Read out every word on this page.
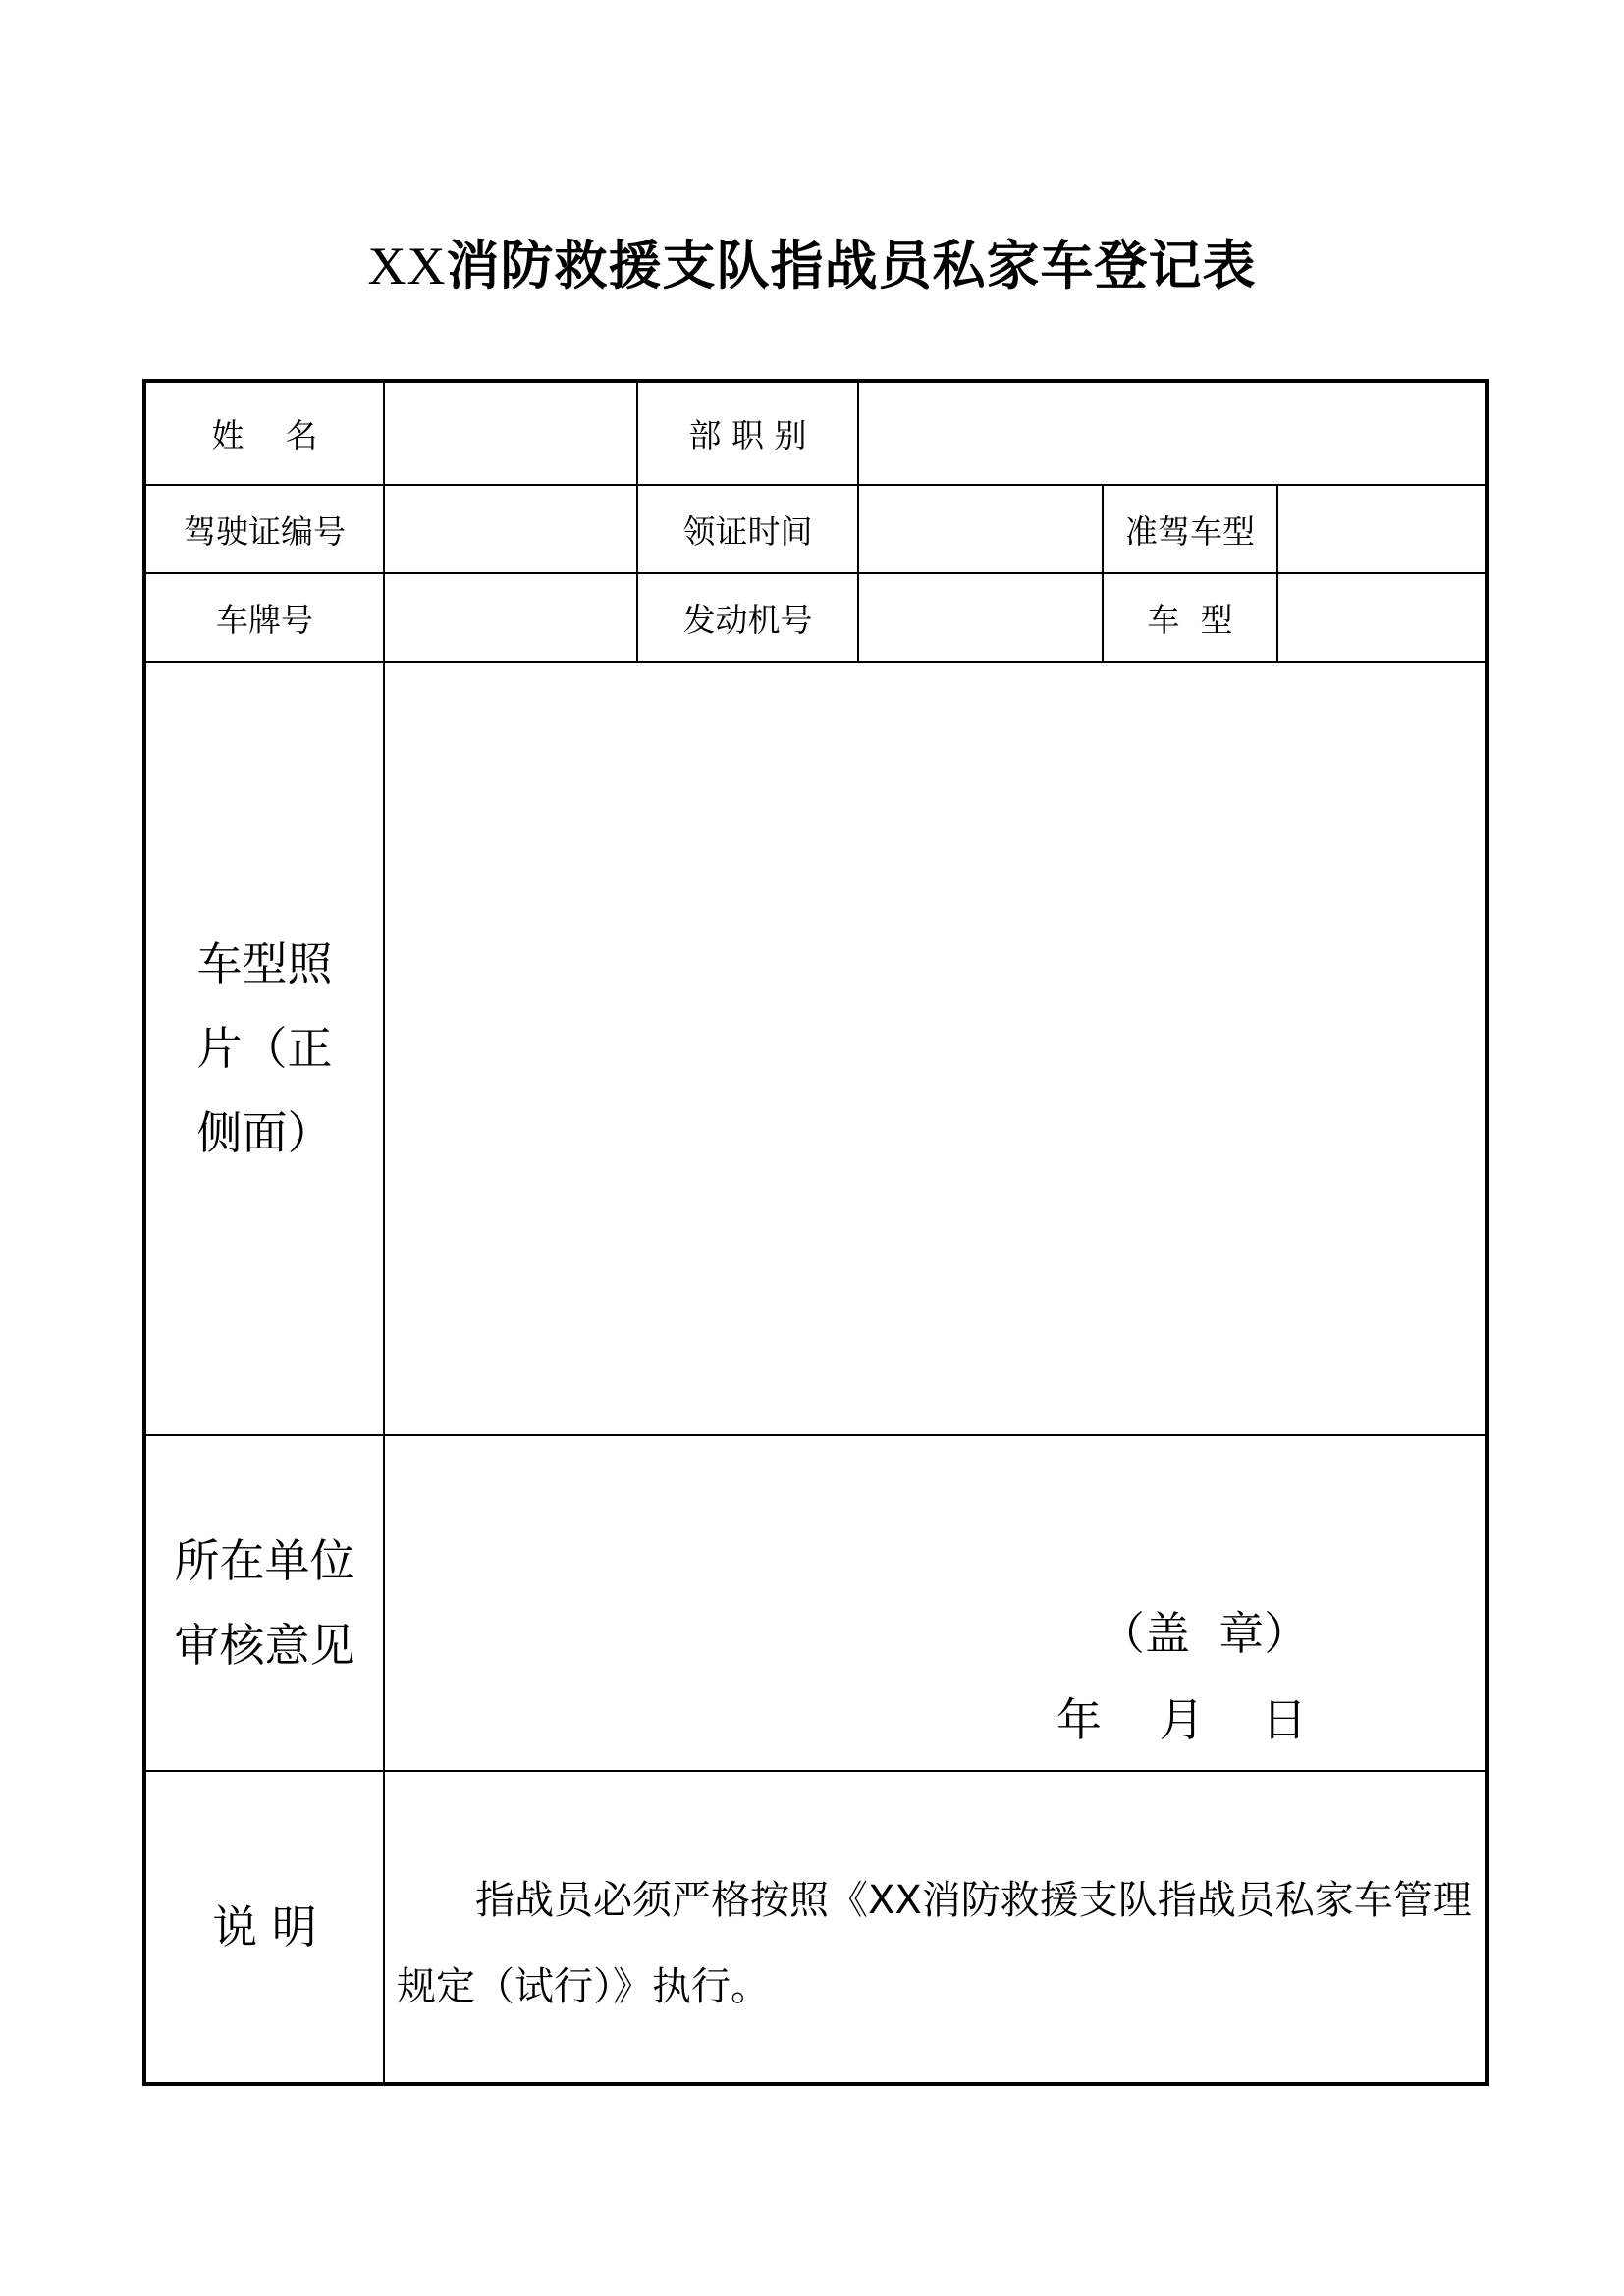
XX消防救援支队指战员私家车登记表
姓    名	部 职 别
驾驶证编号	领证时间	准驾车型
车牌号	发动机号	车  型
车型照片（正侧面）
所在单位审核意见	（盖  章）
年    月    日
说 明	指战员必须严格按照《XX消防救援支队指战员私家车管理规定（试行）》执行。
